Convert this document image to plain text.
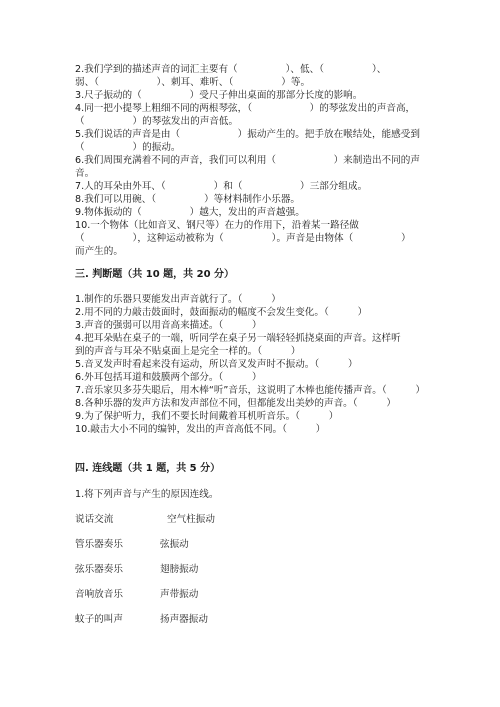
2.我们学到的描述声音的词汇主要有（　　　　　）、低、（　　　　　）、
弱、（　　　　　　）、刺耳、难听、（　　　　　）等。
3.尺子振动的（　　　　　）受尺子伸出桌面的那部分长度的影响。
4.同一把小提琴上粗细不同的两根琴弦，（　　　　　　）的琴弦发出的声音高，
（　　　　　）的琴弦发出的声音低。
5.我们说话的声音是由（　　　　　　）振动产生的。把手放在喉结处，能感受到
（　　　　　）的振动。
6.我们周围充满着不同的声音，我们可以利用（　　　　　　）来制造出不同的声
音。
7.人的耳朵由外耳、（　　　　　）和（　　　　　　）三部分组成。
8.我们可以用碗、（　　　　　）等材料制作小乐器。
9.物体振动的（　　　　　）越大，发出的声音越强。
10.一个物体（比如音叉、钢尺等）在力的作用下，沿着某一路径做
（　　　　　），这种运动被称为（　　　　　）。声音是由物体（　　　　　）
而产生的。
三. 判断题（共 10 题，共 20 分）
1.制作的乐器只要能发出声音就行了。（　　　）
2.用不同的力敲击鼓面时，鼓面振动的幅度不会发生变化。（　　　）
3.声音的强弱可以用音高来描述。（　　　）
4.把耳朵贴在桌子的一端，听同学在桌子另一端轻轻抓挠桌面的声音。这样听
到的声音与耳朵不贴桌面上是完全一样的。（　　　）
5.音叉发声时看起来没有运动，所以音叉发声时不振动。（　　　）
6.外耳包括耳道和鼓膜两个部分。（　　　）
7.音乐家贝多芬失聪后，用木棒“听”音乐，这说明了木棒也能传播声音。（　　　）
8.各种乐器的发声方法和发声部位不同，但都能发出美妙的声音。（　　　）
9.为了保护听力，我们不要长时间戴着耳机听音乐。（　　　）
10.敲击大小不同的编钟，发出的声音高低不同。（　　　）
四. 连线题（共 1 题，共 5 分）
1.将下列声音与产生的原因连线。
说话交流	空气柱振动
管乐器奏乐	弦振动
弦乐器奏乐	翅膀振动
音响放音乐	声带振动
蚊子的叫声	扬声器振动
